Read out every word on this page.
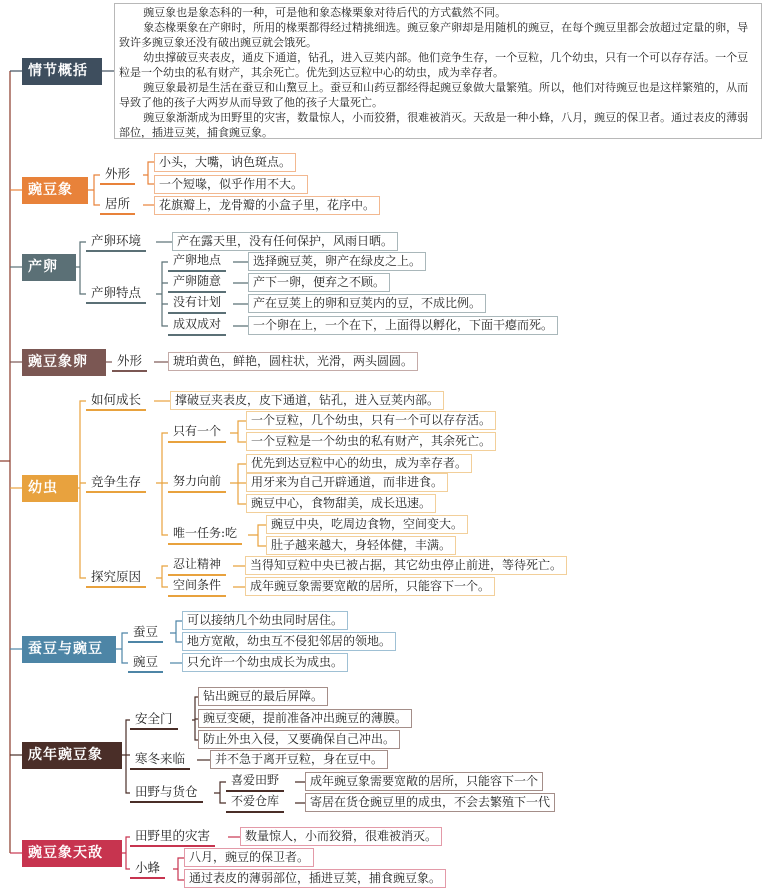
情节概括

豌豆象也是象态科的一种，可是他和象态椽栗象对待后代的方式截然不同。

象态椽栗象在产卵时，所用的椽栗都得经过精挑细选。豌豆象产卵却是用随机的豌豆，在每个豌豆里都会放超过定量的卵，导致许多豌豆象还没有破出豌豆就会饿死。

幼虫撑破豆夹表皮，通皮下通道，钻孔，进入豆荚内部。他们竞争生存，一个豆粒，几个幼虫，只有一个可以存存活。一个豆粒是一个幼虫的私有财产，其余死亡。优先到达豆粒中心的幼虫，成为幸存者。

豌豆象最初是生活在蚕豆和山黧豆上。蚕豆和山药豆都经得起豌豆象做大量繁殖。所以，他们对待豌豆也是这样繁殖的，从而导致了他的孩子大两岁从而导致了他的孩子大量死亡。

豌豆象渐渐成为田野里的灾害，数量惊人，小而狡猾，很难被消灭。天敌是一种小蜂，八月，豌豆的保卫者。通过表皮的薄弱部位，插进豆荚，捕食豌豆象。

豌豆象
外形
小头，大嘴，讷色斑点。
一个短喙，似乎作用不大。
居所	花旗瓣上，龙骨瓣的小盒子里，花序中。
产卵
产卵环境	产在露天里，没有任何保护，风雨日晒。
产卵特点
产卵地点	选择豌豆荚，卵产在绿皮之上。
产卵随意	产下一卵，便弃之不顾。
没有计划	产在豆荚上的卵和豆荚内的豆，不成比例。
成双成对	一个卵在上，一个在下，上面得以孵化，下面干瘪而死。
豌豆象卵	外形	琥珀黄色，鲜艳，圆柱状，光滑，两头圆圆。
幼虫
如何成长	撑破豆夹表皮，皮下通道，钻孔，进入豆荚内部。
竞争生存
只有一个
一个豆粒，几个幼虫，只有一个可以存存活。
一个豆粒是一个幼虫的私有财产，其余死亡。
努力向前
优先到达豆粒中心的幼虫，成为幸存者。
用牙来为自己开辟通道，而非进食。
豌豆中心，食物甜美，成长迅速。
唯一任务:吃
豌豆中央，吃周边食物，空间变大。
肚子越来越大，身轻体健，丰满。
探究原因
忍让精神	当得知豆粒中央已被占据，其它幼虫停止前进，等待死亡。
空间条件	成年豌豆象需要宽敞的居所，只能容下一个。
蚕豆与豌豆
蚕豆
可以接纳几个幼虫同时居住。
地方宽敞，幼虫互不侵犯邻居的领地。
豌豆	只允许一个幼虫成长为成虫。
成年豌豆象
安全门
钻出豌豆的最后屏障。
豌豆变硬，提前准备冲出豌豆的薄膜。
防止外虫入侵，又要确保自己冲出。
寒冬来临	并不急于离开豆粒，身在豆中。
田野与货仓
喜爱田野	成年豌豆象需要宽敞的居所，只能容下一个
不爱仓库	寄居在货仓豌豆里的成虫，不会去繁殖下一代
豌豆象天敌
田野里的灾害	数量惊人，小而狡猾，很难被消灭。
小蜂
八月，豌豆的保卫者。
通过表皮的薄弱部位，插进豆荚，捕食豌豆象。
